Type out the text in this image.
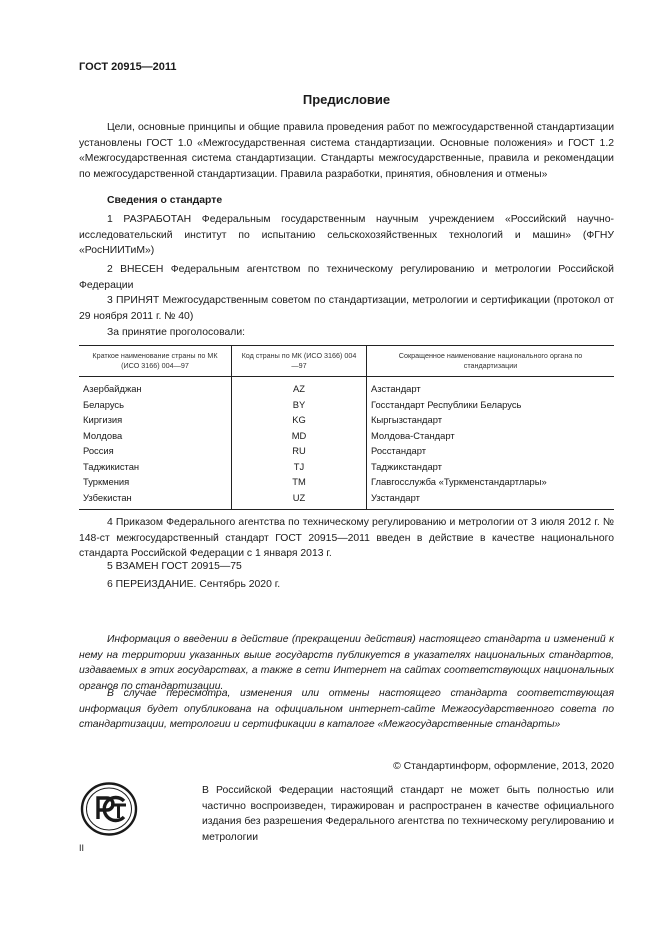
ГОСТ 20915—2011
Предисловие
Цели, основные принципы и общие правила проведения работ по межгосударственной стандартизации установлены ГОСТ 1.0 «Межгосударственная система стандартизации. Основные положения» и ГОСТ 1.2 «Межгосударственная система стандартизации. Стандарты межгосударственные, правила и рекомендации по межгосударственной стандартизации. Правила разработки, принятия, обновления и отмены»
Сведения о стандарте
1 РАЗРАБОТАН Федеральным государственным научным учреждением «Российский научно-исследовательский институт по испытанию сельскохозяйственных технологий и машин» (ФГНУ «РосНИИТиМ»)
2 ВНЕСЕН Федеральным агентством по техническому регулированию и метрологии Российской Федерации
3 ПРИНЯТ Межгосударственным советом по стандартизации, метрологии и сертификации (протокол от 29 ноября 2011 г. № 40)
За принятие проголосовали:
Краткое наименование страны по МК (ИСО 3166) 004—97	Код страны по МК (ИСО 3166) 004—97	Сокращенное наименование национального органа по стандартизации
Азербайджан	AZ	Азстандарт
Беларусь	BY	Госстандарт Республики Беларусь
Киргизия	KG	Кыргызстандарт
Молдова	MD	Молдова-Стандарт
Россия	RU	Росстандарт
Таджикистан	TJ	Таджикстандарт
Туркмения	TM	Главгосслужба «Туркменстандартлары»
Узбекистан	UZ	Узстандарт
4 Приказом Федерального агентства по техническому регулированию и метрологии от 3 июля 2012 г. № 148-ст межгосударственный стандарт ГОСТ 20915—2011 введен в действие в качестве национального стандарта Российской Федерации с 1 января 2013 г.
5 ВЗАМЕН ГОСТ 20915—75
6 ПЕРЕИЗДАНИЕ. Сентябрь 2020 г.
Информация о введении в действие (прекращении действия) настоящего стандарта и изменений к нему на территории указанных выше государств публикуется в указателях национальных стандартов, издаваемых в этих государствах, а также в сети Интернет на сайтах соответствующих национальных органов по стандартизации.
В случае пересмотра, изменения или отмены настоящего стандарта соответствующая информация будет опубликована на официальном интернет-сайте Межгосударственного совета по стандартизации, метрологии и сертификации в каталоге «Межгосударственные стандарты»
© Стандартинформ, оформление, 2013, 2020
В Российской Федерации настоящий стандарт не может быть полностью или частично воспроизведен, тиражирован и распространен в качестве официального издания без разрешения Федерального агентства по техническому регулированию и метрологии
II
